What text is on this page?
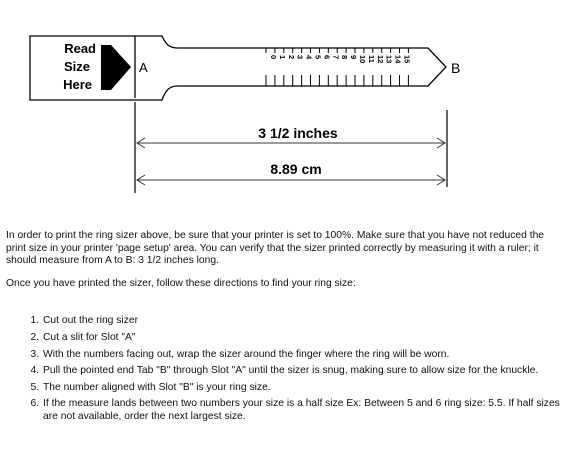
Read
Size
Here
A	B
0 1 2 3 4 5 6 7 8 9 10 11 12 13 14 15
3 1/2 inches
8.89 cm

In order to print the ring sizer above, be sure that your printer is set to 100%. Make sure that you have not reduced the print size in your printer 'page setup' area. You can verify that the sizer printed correctly by measuring it with a ruler; it should measure from A to B: 3 1/2 inches long.

Once you have printed the sizer, follow these directions to find your ring size:

1. Cut out the ring sizer
2. Cut a slit for Slot "A"
3. With the numbers facing out, wrap the sizer around the finger where the ring will be worn.
4. Pull the pointed end Tab "B" through Slot "A" until the sizer is snug, making sure to allow size for the knuckle.
5. The number aligned with Slot "B" is your ring size.
6. If the measure lands between two numbers your size is a half size Ex: Between 5 and 6 ring size: 5.5. If half sizes are not available, order the next largest size.
